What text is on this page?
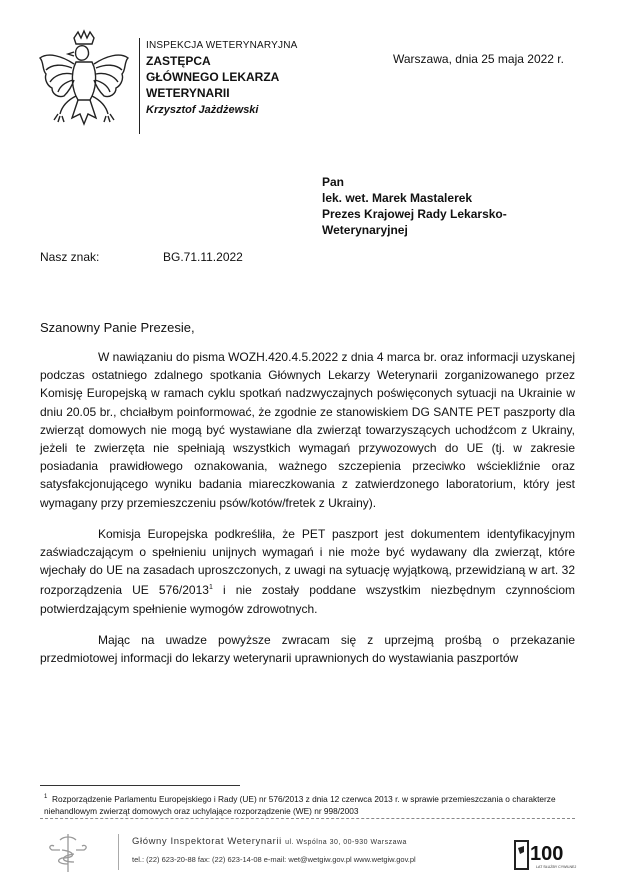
INSPEKCJA WETERYNARYJNA
ZASTĘPCA
GŁÓWNEGO LEKARZA
WETERYNARII
Krzysztof Jażdżewski
Warszawa, dnia 25 maja 2022 r.
Pan
lek. wet. Marek Mastalerek
Prezes Krajowej Rady Lekarsko-
Weterynaryjnej
Nasz znak:	BG.71.11.2022
Szanowny Panie Prezesie,

W nawiązaniu do pisma WOZH.420.4.5.2022 z dnia 4 marca br. oraz informacji uzyskanej podczas ostatniego zdalnego spotkania Głównych Lekarzy Weterynarii zorganizowanego przez Komisję Europejską w ramach cyklu spotkań nadzwyczajnych poświęconych sytuacji na Ukrainie w dniu 20.05 br., chciałbym poinformować, że zgodnie ze stanowiskiem DG SANTE PET paszporty dla zwierząt domowych nie mogą być wystawiane dla zwierząt towarzyszących uchodźcom z Ukrainy, jeżeli te zwierzęta nie spełniają wszystkich wymagań przywozowych do UE (tj. w zakresie posiadania prawidłowego oznakowania, ważnego szczepienia przeciwko wściekliźnie oraz satysfakcjonującego wyniku badania miareczkowania z zatwierdzonego laboratorium, który jest wymagany przy przemieszczeniu psów/kotów/fretek z Ukrainy).

Komisja Europejska podkreśliła, że PET paszport jest dokumentem identyfikacyjnym zaświadczającym o spełnieniu unijnych wymagań i nie może być wydawany dla zwierząt, które wjechały do UE na zasadach uproszczonych, z uwagi na sytuację wyjątkową, przewidzianą w art. 32 rozporządzenia UE 576/2013$^1$ i nie zostały poddane wszystkim niezbędnym czynnościom potwierdzającym spełnienie wymogów zdrowotnych.

Mając na uwadze powyższe zwracam się z uprzejmą prośbą o przekazanie przedmiotowej informacji do lekarzy weterynarii uprawnionych do wystawiania paszportów

$^1$ Rozporządzenie Parlamentu Europejskiego i Rady (UE) nr 576/2013 z dnia 12 czerwca 2013 r. w sprawie przemieszczania o charakterze niehandlowym zwierząt domowych oraz uchylające rozporządzenie (WE) nr 998/2003
Główny Inspektorat Weterynarii ul. Wspólna 30, 00-930 Warszawa
tel.: (22) 623-20-88 fax: (22) 623-14-08 e-mail: wet@wetgiw.gov.pl www.wetgiw.gov.pl	100
LAT SŁUŻBY CYWILNEJ
